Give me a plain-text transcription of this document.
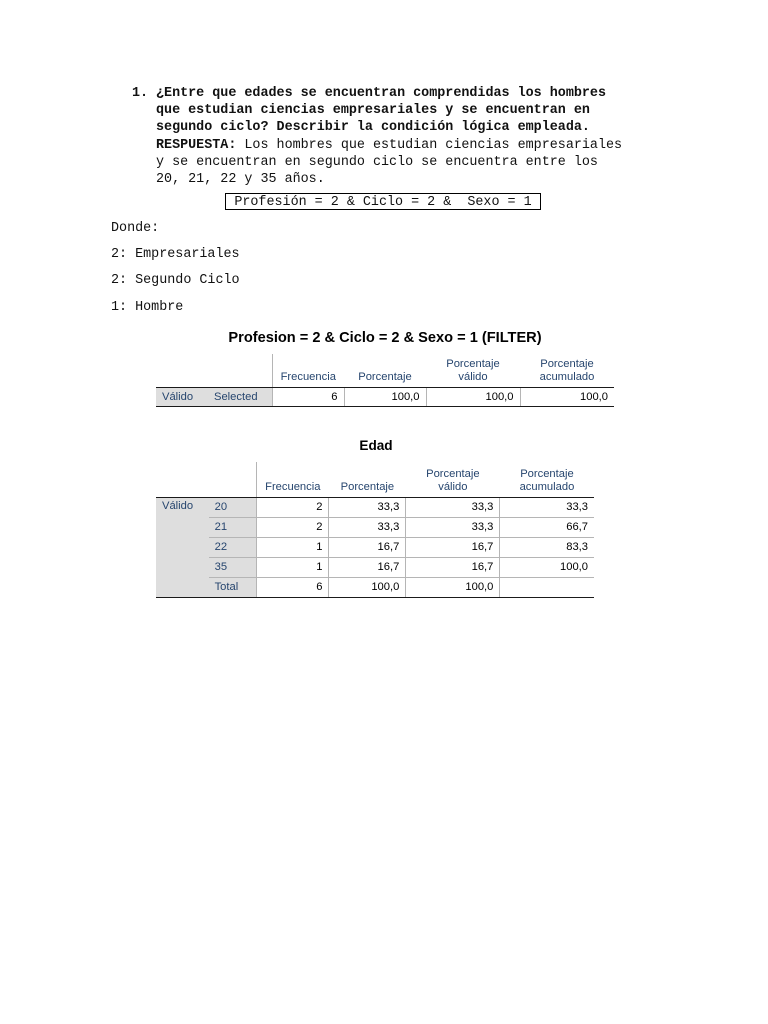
1. ¿Entre que edades se encuentran comprendidas los hombres
que estudian ciencias empresariales y se encuentran en
segundo ciclo? Describir la condición lógica empleada.
RESPUESTA: Los hombres que estudian ciencias empresariales
y se encuentran en segundo ciclo se encuentra entre los
20, 21, 22 y 35 años.
Profesión = 2 & Ciclo = 2 &  Sexo = 1
Donde:
2: Empresariales
2: Segundo Ciclo
1: Hombre
Profesion = 2 & Ciclo = 2 & Sexo = 1 (FILTER)
		Frecuencia	Porcentaje	Porcentaje válido	Porcentaje acumulado
Válido	Selected	6	100,0	100,0	100,0
Edad
		Frecuencia	Porcentaje	Porcentaje válido	Porcentaje acumulado
Válido	20	2	33,3	33,3	33,3
	21	2	33,3	33,3	66,7
	22	1	16,7	16,7	83,3
	35	1	16,7	16,7	100,0
	Total	6	100,0	100,0	
